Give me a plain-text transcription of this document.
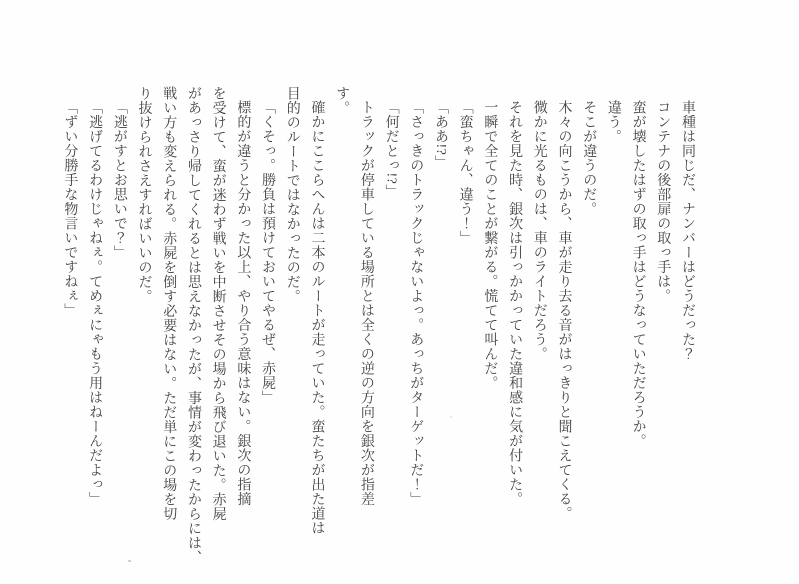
車種は同じだ、ナンバーはどうだった？

コンテナの後部扉の取っ手は。

蛮が壊したはずの取っ手はどうなっていただろうか。

違う。

そこが違うのだ。

木々の向こうから、車が走り去る音がはっきりと聞こえてくる。

微かに光るものは、車のライトだろう。

それを見た時、銀次は引っかかっていた違和感に気が付いた。

一瞬で全てのことが繋がる。慌てて叫んだ。

「蛮ちゃん、違う！」

「ああ!?」

「さっきのトラックじゃないよっ。あっちがターゲットだ！」

「何だとっ!?」

トラックが停車している場所とは全くの逆の方向を銀次が指差

す。

確かにここらへんは二本のルートが走っていた。蛮たちが出た道は

目的のルートではなかったのだ。

「くそっ。勝負は預けておいてやるぜ、赤屍」

標的が違うと分かった以上、やり合う意味はない。銀次の指摘

を受けて、蛮が迷わず戦いを中断させその場から飛び退いた。赤屍

があっさり帰してくれるとは思えなかったが、事情が変わったからには、

戦い方も変えられる。赤屍を倒す必要はない。ただ単にこの場を切

り抜けられさえすればいいのだ。

「逃がすとお思いで？」

「逃げてるわけじゃねぇ。てめぇにゃもう用はねーんだよっ」

「ずい分勝手な物言いですねぇ」
